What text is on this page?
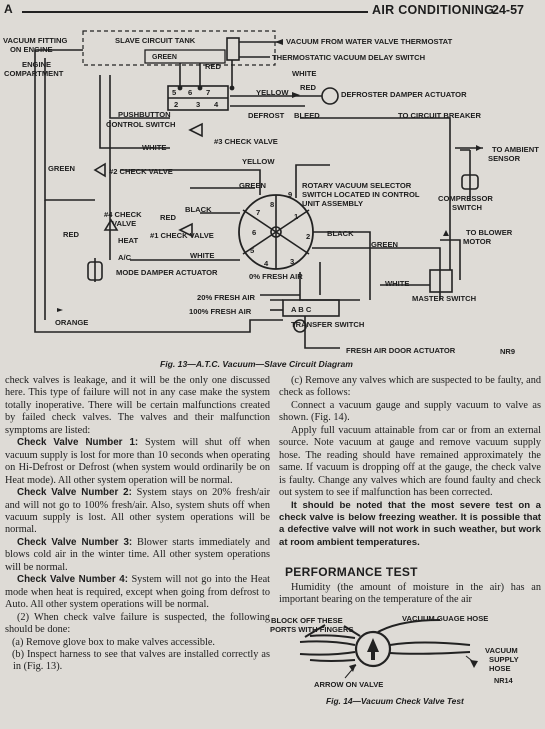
A	AIR CONDITIONING
24-57
VACUUM FITTING
ON ENGINE
SLAVE CIRCUIT TANK
ENGINE
COMPARTMENT
VACUUM FROM WATER VALVE THERMOSTAT
THERMOSTATIC VACUUM DELAY SWITCH
GREEN
RED
WHITE
YELLOW
RED
DEFROSTER DAMPER ACTUATOR
DEFROST BLEED	TO CIRCUIT BREAKER
PUSHBUTTON
CONTROL SWITCH
#3 CHECK VALVE
WHITE	TO AMBIENT
SENSOR
YELLOW
GREEN	#2 CHECK VALVE
GREEN	ROTARY VACUUM SELECTOR
SWITCH LOCATED IN CONTROL
UNIT ASSEMBLY
COMPRESSOR
SWITCH
#4 CHECK
VALVE
BLACK
RED
RED
HEAT
#1 CHECK VALVE	BLACK	TO BLOWER
MOTOR
GREEN
A/C	WHITE
MODE DAMPER ACTUATOR	0% FRESH AIR
WHITE
20% FRESH AIR	MASTER SWITCH
100% FRESH AIR	A B C
ORANGE	TRANSFER SWITCH
FRESH AIR DOOR ACTUATOR
5 6 7
2 3 4
1
2
3
4
5
6
7
8
9
NR9
Fig. 13—A.T.C. Vacuum—Slave Circuit Diagram

check valves is leakage, and it will be the only one discussed here. This type of failure will not in any case make the system totally inoperative. There will be certain malfunctions created by failed check valves. The valves and their malfunction symptoms are listed:

Check Valve Number 1: System will shut off when vacuum supply is lost for more than 10 seconds when operating on Hi-Defrost or Defrost (when system would ordinarily be on Heat mode). All other system operation will be normal.

Check Valve Number 2: System stays on 20% fresh/air and will not go to 100% fresh/air. Also, system shuts off when vacuum supply is lost. All other system operations will be normal.

Check Valve Number 3: Blower starts immediately and blows cold air in the winter time. All other system operations will be normal.

Check Valve Number 4: System will not go into the Heat mode when heat is required, except when going from defrost to Auto. All other system operations will be normal.

(2) When check valve failure is suspected, the following should be done:

(a) Remove glove box to make valves accessible.

(b) Inspect harness to see that valves are installed correctly as in (Fig. 13).

(c) Remove any valves which are suspected to be faulty, and check as follows:

Connect a vacuum gauge and supply vacuum to valve as shown. (Fig. 14).

Apply full vacuum attainable from car or from an external source. Note vacuum at gauge and remove vacuum supply hose. The reading should have remained approximately the same. If vacuum is dropping off at the gauge, the check valve is faulty. Change any valves which are found faulty and check out system to see if malfunction has been corrected.

It should be noted that the most severe test on a check valve is below freezing weather. It is possible that a defective valve will not work in such weather, but work at room ambient temperatures.

PERFORMANCE TEST

Humidity (the amount of moisture in the air) has an important bearing on the temperature of the air

BLOCK OFF THESE
PORTS WITH FINGERS
VACUUM GUAGE HOSE
VACUUM
SUPPLY
HOSE
ARROW ON VALVE	NR14
Fig. 14—Vacuum Check Valve Test
